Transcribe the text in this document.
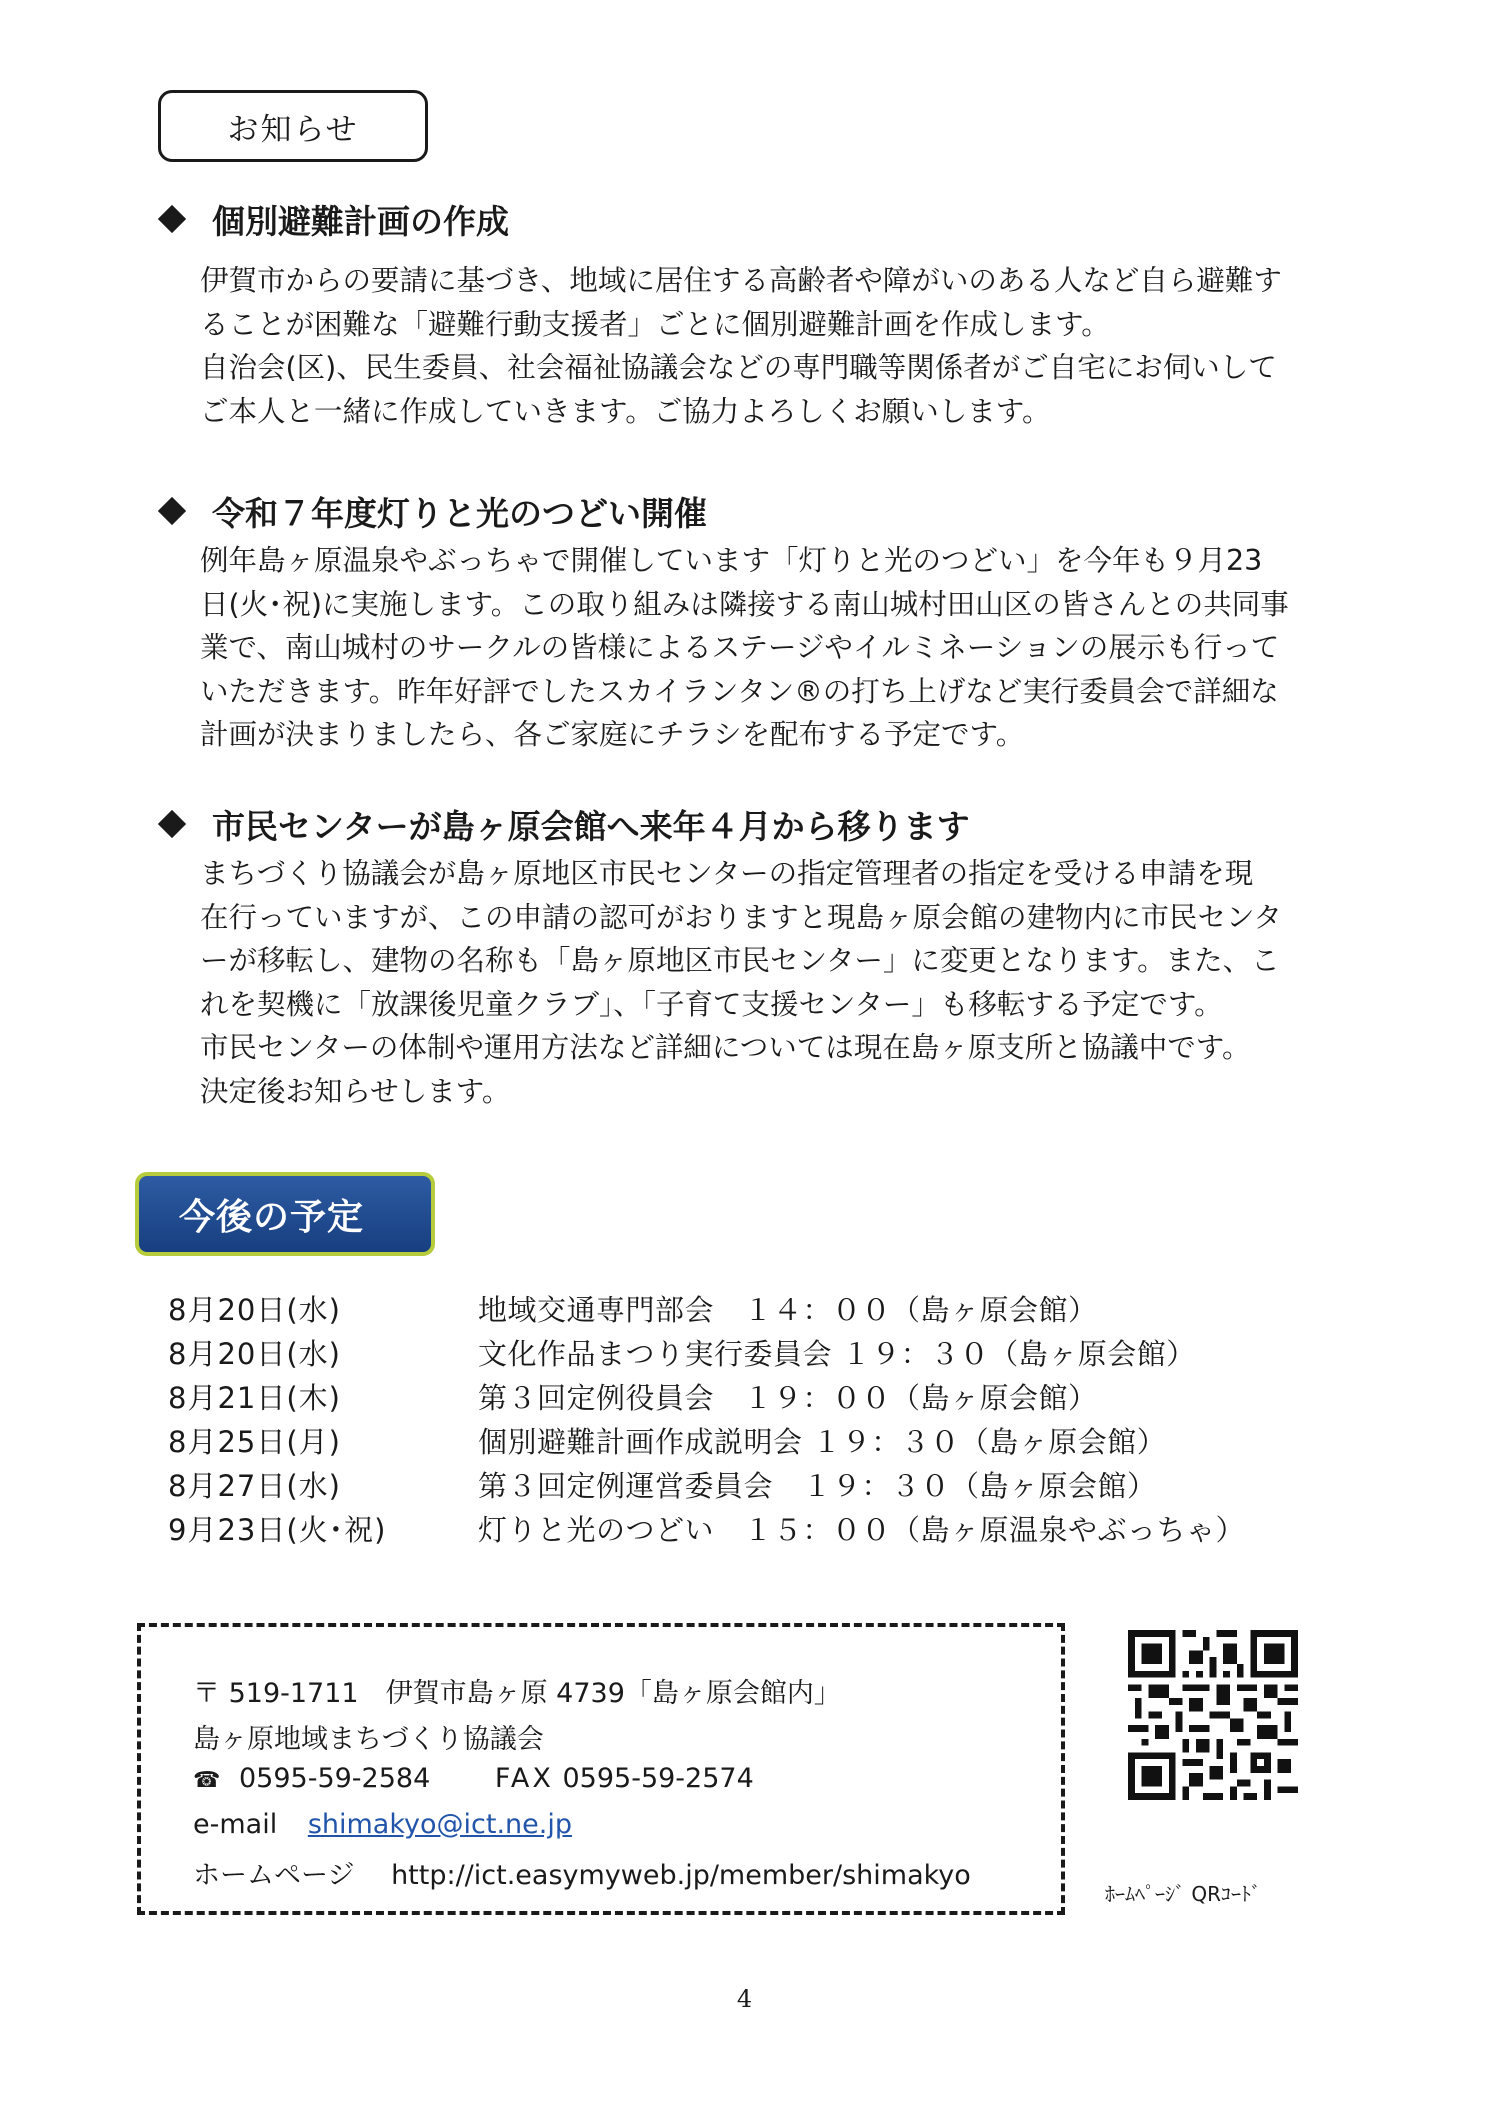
お知らせ
個別避難計画の作成

伊賀市からの要請に基づき、地域に居住する高齢者や障がいのある人など自ら避難す

ることが困難な「避難行動支援者」ごとに個別避難計画を作成します。

自治会(区)、民生委員、社会福祉協議会などの専門職等関係者がご自宅にお伺いして

ご本人と一緒に作成していきます。ご協力よろしくお願いします。

令和７年度灯りと光のつどい開催

例年島ヶ原温泉やぶっちゃで開催しています「灯りと光のつどい」を今年も９月23

日(火･祝)に実施します。この取り組みは隣接する南山城村田山区の皆さんとの共同事

業で、南山城村のサークルの皆様によるステージやイルミネーションの展示も行って

いただきます。昨年好評でしたスカイランタン®の打ち上げなど実行委員会で詳細な

計画が決まりましたら、各ご家庭にチラシを配布する予定です。

市民センターが島ヶ原会館へ来年４月から移ります

まちづくり協議会が島ヶ原地区市民センターの指定管理者の指定を受ける申請を現

在行っていますが、この申請の認可がおりますと現島ヶ原会館の建物内に市民センタ

ーが移転し、建物の名称も「島ヶ原地区市民センター」に変更となります。また、こ

れを契機に「放課後児童クラブ」、「子育て支援センター」も移転する予定です。

市民センターの体制や運用方法など詳細については現在島ヶ原支所と協議中です。

決定後お知らせします。

今後の予定
8月20日(水)	地域交通専門部会　１４：００（島ヶ原会館）
8月20日(水)	文化作品まつり実行委員会 １９：３０（島ヶ原会館）
8月21日(木)	第３回定例役員会　１９：００（島ヶ原会館）
8月25日(月)	個別避難計画作成説明会 １９：３０（島ヶ原会館）
8月27日(水)	第３回定例運営委員会　１９：３０（島ヶ原会館）
9月23日(火･祝)	灯りと光のつどい　１５：００（島ヶ原温泉やぶっちゃ）
〒 519-1711　伊賀市島ヶ原 4739「島ヶ原会館内」
島ヶ原地域まちづくり協議会
☎ 0595-59-2584 FAX 0595-59-2574
e-mail shimakyo@ict.ne.jp
ホームページ http://ict.easymyweb.jp/member/shimakyo
ﾎｰﾑﾍﾟｰｼﾞ QRｺｰﾄﾞ
4
